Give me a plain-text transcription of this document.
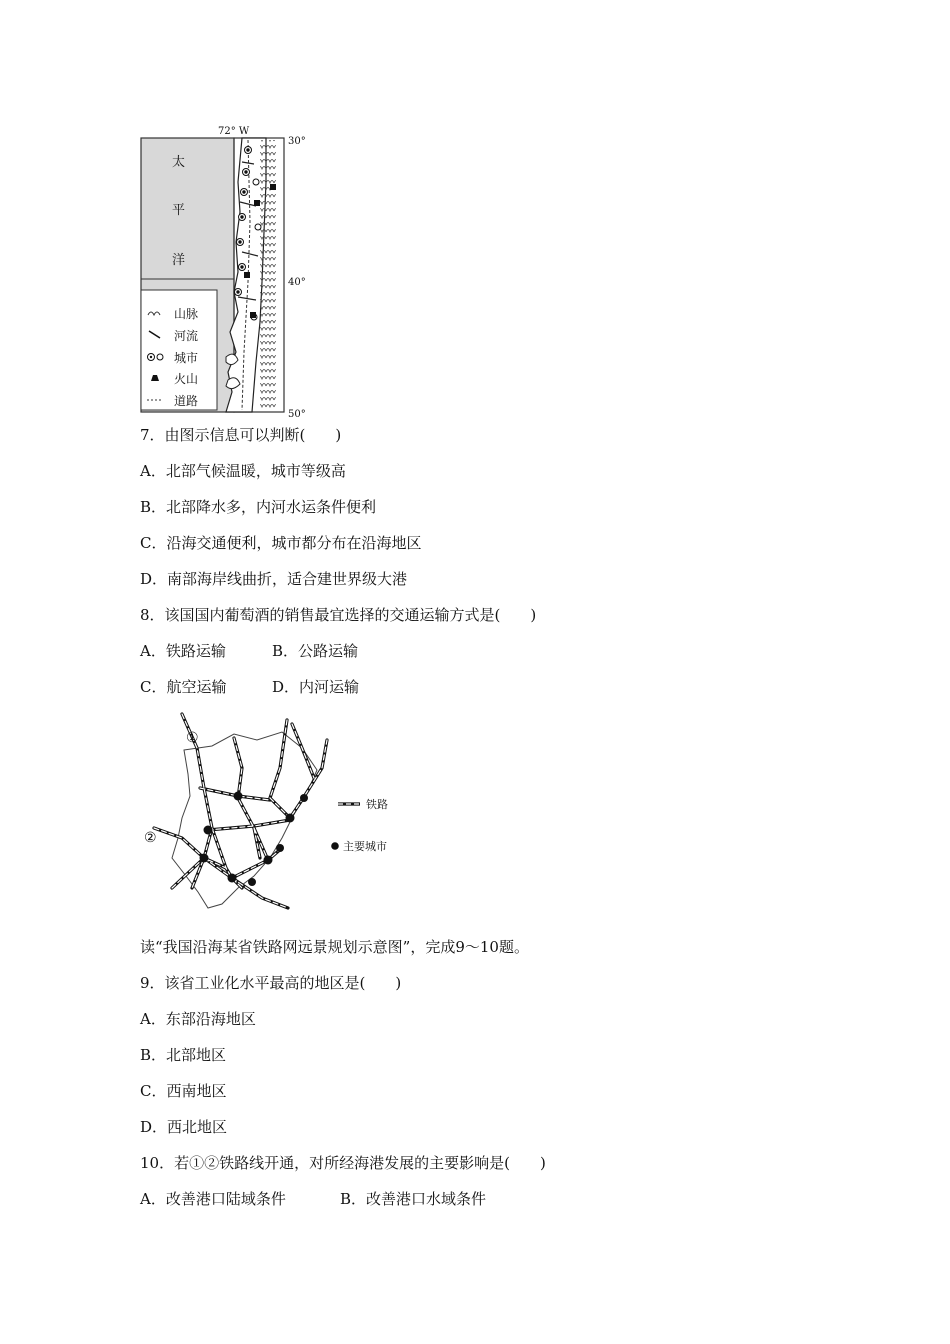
72° W
30°
40°
50°
太
平
洋
山脉
河流
城市
火山
道路
7．由图示信息可以判断(　　)
A．北部气候温暖，城市等级高
B．北部降水多，内河水运条件便利
C．沿海交通便利，城市都分布在沿海地区
D．南部海岸线曲折，适合建世界级大港
8．该国国内葡萄酒的销售最宜选择的交通运输方式是(　　)
A．铁路运输	B．公路运输
C．航空运输	D．内河运输
①
②
铁路
主要城市
读“我国沿海某省铁路网远景规划示意图”，完成9～10题。
9．该省工业化水平最高的地区是(　　)
A．东部沿海地区
B．北部地区
C．西南地区
D．西北地区
10．若①②铁路线开通，对所经海港发展的主要影响是(　　)
A．改善港口陆域条件	B．改善港口水域条件
